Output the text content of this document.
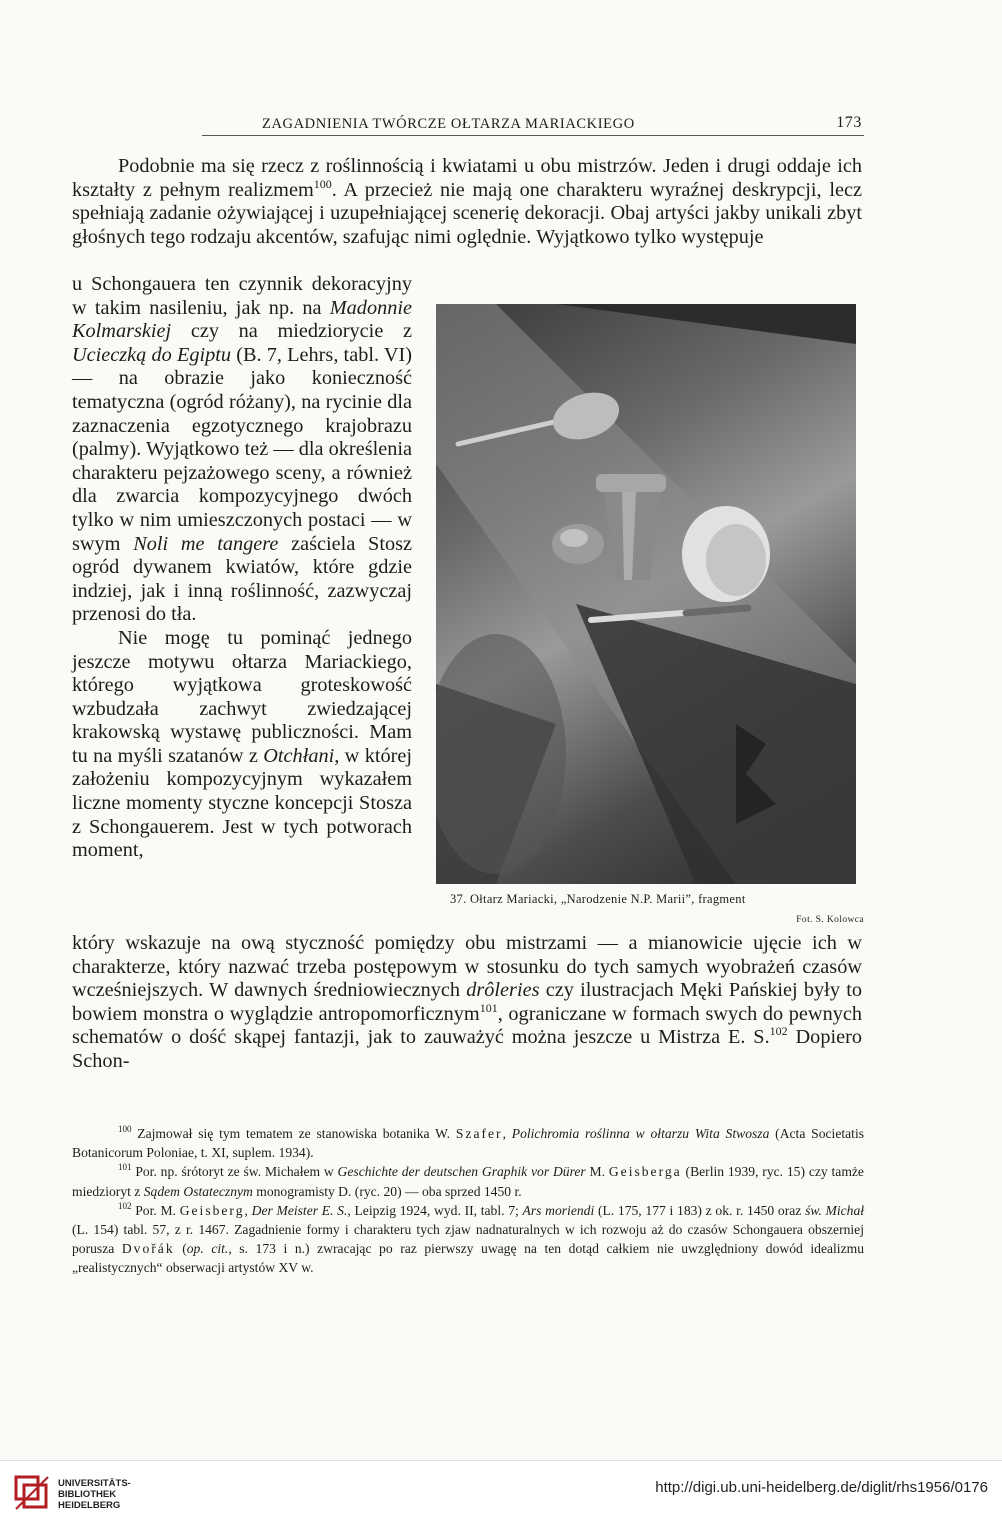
ZAGADNIENIA TWÓRCZE OŁTARZA MARIACKIEGO	173

Podobnie ma się rzecz z roślinnością i kwiatami u obu mistrzów. Jeden i drugi oddaje ich kształty z pełnym realizmem$^{100}$. A przecież nie mają one charakteru wyraźnej deskrypcji, lecz spełniają zadanie ożywiającej i uzupełniającej scenerię dekoracji. Obaj artyści jakby unikali zbyt głośnych tego rodzaju akcentów, szafując nimi oględnie. Wyjątkowo tylko występuje

u Schongauera ten czynnik dekoracyjny w takim nasileniu, jak np. na Madonnie Kolmarskiej czy na miedziorycie z Ucieczką do Egiptu (B. 7, Lehrs, tabl. VI) — na obrazie jako konieczność tematyczna (ogród różany), na rycinie dla zaznaczenia egzotycznego krajobrazu (palmy). Wyjątkowo też — dla określenia charakteru pejzażowego sceny, a również dla zwarcia kompozycyjnego dwóch tylko w nim umieszczonych postaci — w swym Noli me tangere zaściela Stosz ogród dywanem kwiatów, które gdzie indziej, jak i inną roślinność, zazwyczaj przenosi do tła.

Nie mogę tu pominąć jednego jeszcze motywu ołtarza Mariackiego, którego wyjątkowa groteskowość wzbudzała zachwyt zwiedzającej krakowską wystawę publiczności. Mam tu na myśli szatanów z Otchłani, w której założeniu kompozycyjnym wykazałem liczne momenty styczne koncepcji Stosza z Schongauerem. Jest w tych potworach moment,

37. Ołtarz Mariacki, „Narodzenie N.P. Marii”, fragment
Fot. S. Kolowca

który wskazuje na ową styczność pomiędzy obu mistrzami — a mianowicie ujęcie ich w charakterze, który nazwać trzeba postępowym w stosunku do tych samych wyobrażeń czasów wcześniejszych. W dawnych średniowiecznych drôleries czy ilustracjach Męki Pańskiej były to bowiem monstra o wyglądzie antropomorficznym$^{101}$, ograniczane w formach swych do pewnych schematów o dość skąpej fantazji, jak to zauważyć można jeszcze u Mistrza E. S.$^{102}$ Dopiero Schon-

$^{100}$ Zajmował się tym tematem ze stanowiska botanika W. Szafer, Polichromia roślinna w ołtarzu Wita Stwosza (Acta Societatis Botanicorum Poloniae, t. XI, suplem. 1934).

$^{101}$ Por. np. śrótoryt ze św. Michałem w Geschichte der deutschen Graphik vor Dürer M. Geisberga (Berlin 1939, ryc. 15) czy tamże miedzioryt z Sądem Ostatecznym monogramisty D. (ryc. 20) — oba sprzed 1450 r.

$^{102}$ Por. M. Geisberg, Der Meister E. S., Leipzig 1924, wyd. II, tabl. 7; Ars moriendi (L. 175, 177 i 183) z ok. r. 1450 oraz św. Michał (L. 154) tabl. 57, z r. 1467. Zagadnienie formy i charakteru tych zjaw nadnaturalnych w ich rozwoju aż do czasów Schongauera obszerniej porusza Dvořák (op. cit., s. 173 i n.) zwracając po raz pierwszy uwagę na ten dotąd całkiem nie uwzględniony dowód idealizmu „realistycznych“ obserwacji artystów XV w.

UNIVERSITÄTS-
BIBLIOTHEK
HEIDELBERG
http://digi.ub.uni-heidelberg.de/diglit/rhs1956/0176
